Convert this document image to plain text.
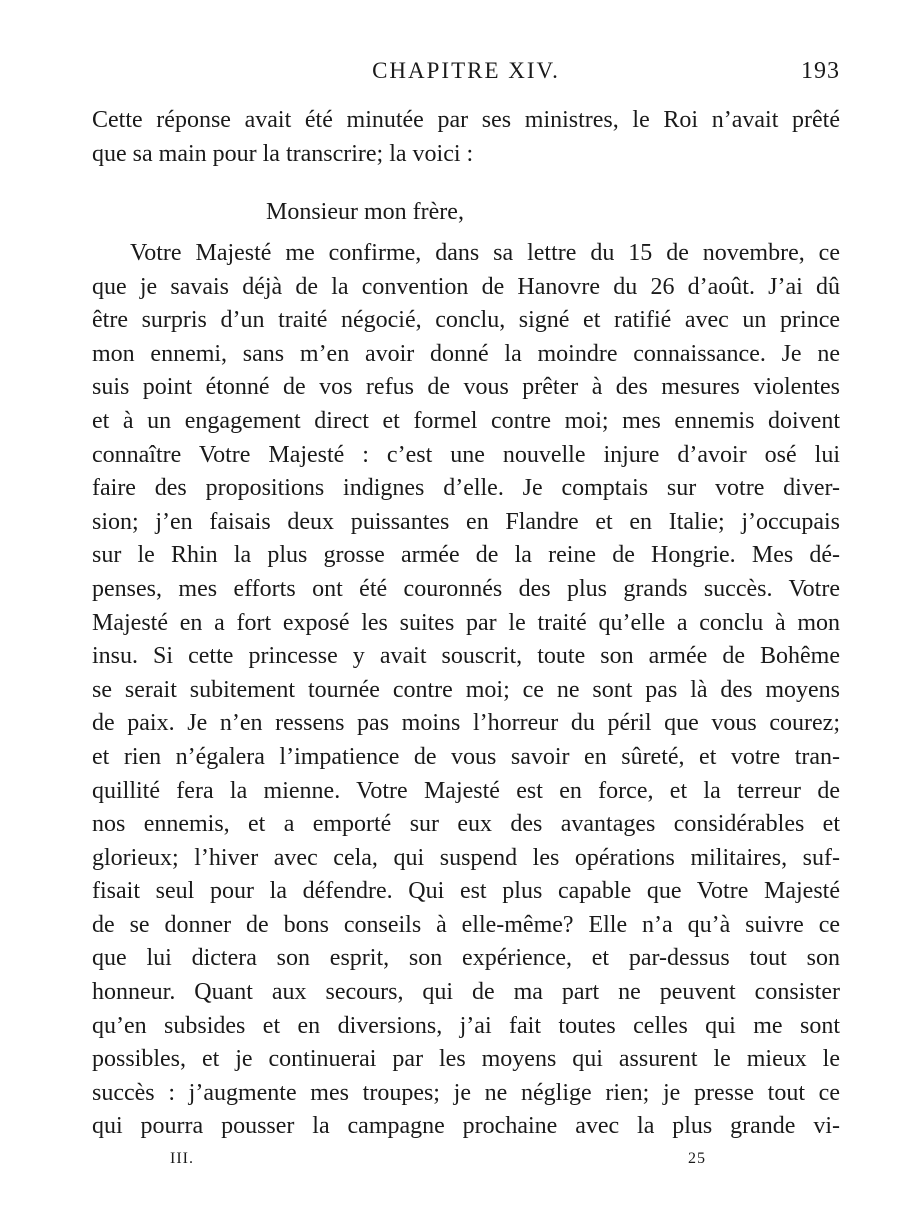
CHAPITRE XIV.	193
Cette réponse avait été minutée par ses ministres, le Roi n’avait prêté
que sa main pour la transcrire; la voici :
Monsieur mon frère,
Votre Majesté me confirme, dans sa lettre du 15 de novembre, ce
que je savais déjà de la convention de Hanovre du 26 d’août. J’ai dû
être surpris d’un traité négocié, conclu, signé et ratifié avec un prince
mon ennemi, sans m’en avoir donné la moindre connaissance. Je ne
suis point étonné de vos refus de vous prêter à des mesures violentes
et à un engagement direct et formel contre moi; mes ennemis doivent
connaître Votre Majesté : c’est une nouvelle injure d’avoir osé lui
faire des propositions indignes d’elle. Je comptais sur votre diver-
sion; j’en faisais deux puissantes en Flandre et en Italie; j’occupais
sur le Rhin la plus grosse armée de la reine de Hongrie. Mes dé-
penses, mes efforts ont été couronnés des plus grands succès. Votre
Majesté en a fort exposé les suites par le traité qu’elle a conclu à mon
insu. Si cette princesse y avait souscrit, toute son armée de Bohême
se serait subitement tournée contre moi; ce ne sont pas là des moyens
de paix. Je n’en ressens pas moins l’horreur du péril que vous courez;
et rien n’égalera l’impatience de vous savoir en sûreté, et votre tran-
quillité fera la mienne. Votre Majesté est en force, et la terreur de
nos ennemis, et a emporté sur eux des avantages considérables et
glorieux; l’hiver avec cela, qui suspend les opérations militaires, suf-
fisait seul pour la défendre. Qui est plus capable que Votre Majesté
de se donner de bons conseils à elle-même? Elle n’a qu’à suivre ce
que lui dictera son esprit, son expérience, et par-dessus tout son
honneur. Quant aux secours, qui de ma part ne peuvent consister
qu’en subsides et en diversions, j’ai fait toutes celles qui me sont
possibles, et je continuerai par les moyens qui assurent le mieux le
succès : j’augmente mes troupes; je ne néglige rien; je presse tout ce
qui pourra pousser la campagne prochaine avec la plus grande vi-
III.	25
